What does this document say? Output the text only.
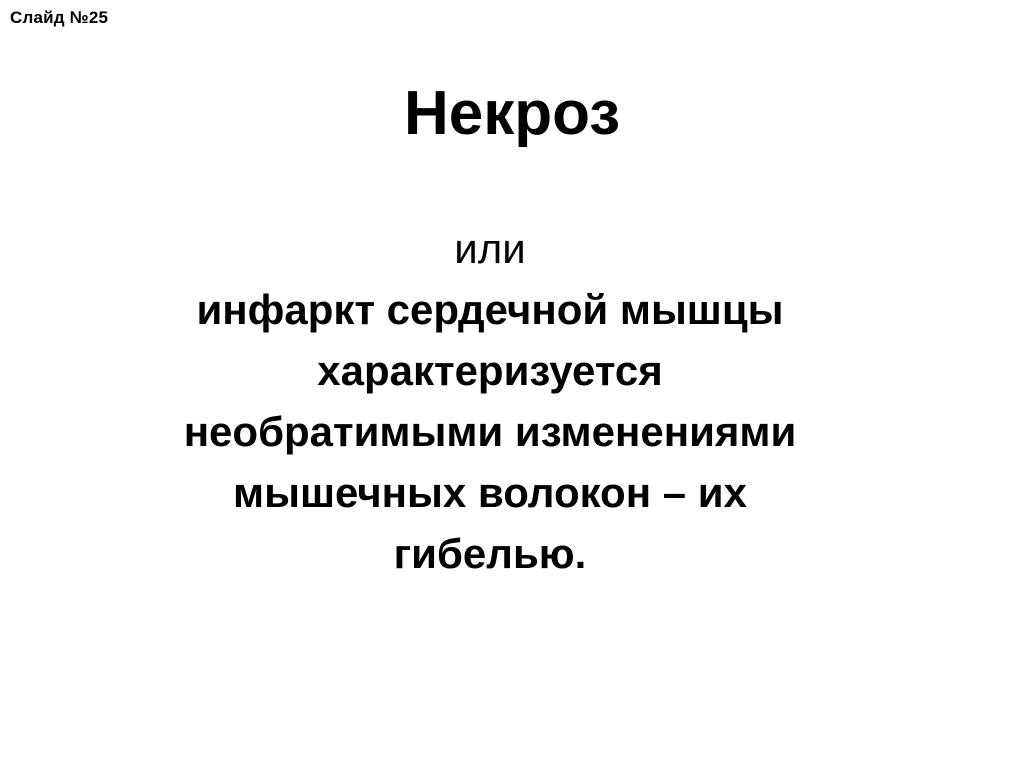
Слайд №25
Некроз
или
инфаркт сердечной мышцы
характеризуется
необратимыми изменениями
мышечных волокон – их
гибелью.
